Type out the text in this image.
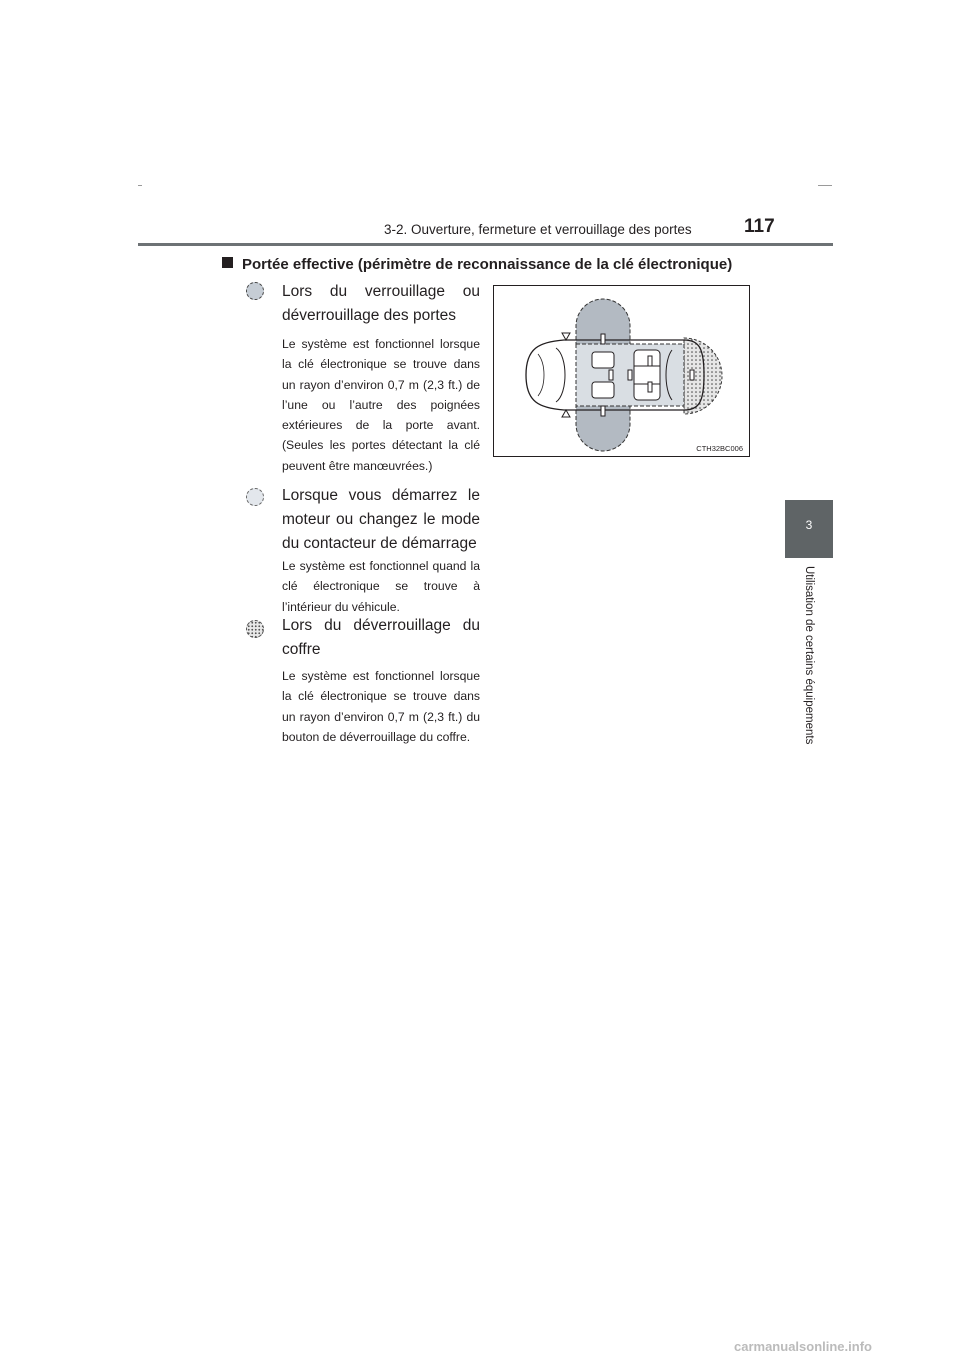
3-2. Ouverture, fermeture et verrouillage des portes	117
3
Utilisation de certains équipements
Portée effective (périmètre de reconnaissance de la clé électronique)
Lors du verrouillage ou déverrouillage des portes
Le système est fonctionnel lorsque la clé électronique se trouve dans un rayon d’environ 0,7 m (2,3 ft.) de l’une ou l’autre des poignées extérieures de la porte avant. (Seules les portes détectant la clé peuvent être manœuvrées.)
Lorsque vous démarrez le moteur ou changez le mode du contacteur de démarrage
Le système est fonctionnel quand la clé électronique se trouve à l’intérieur du véhicule.
Lors du déverrouillage du coffre
Le système est fonctionnel lorsque la clé électronique se trouve dans un rayon d’environ 0,7 m (2,3 ft.) du bouton de déverrouillage du coffre.
CTH32BC006
carmanualsonline.info
